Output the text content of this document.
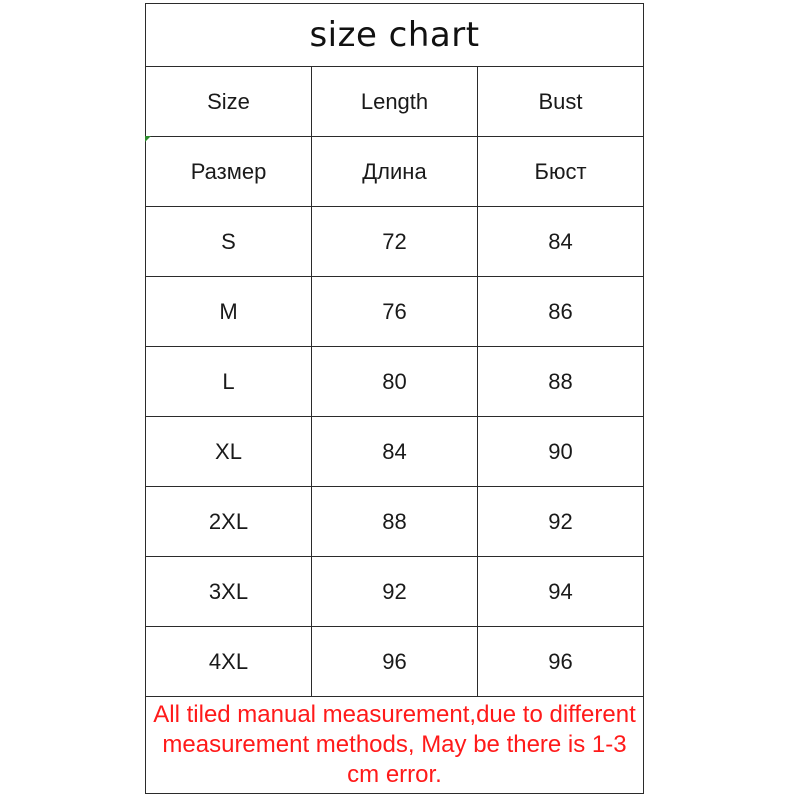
size chart		
Size	Length	Bust
Размер	Длина	Бюст
S	72	84
M	76	86
L	80	88
XL	84	90
2XL	88	92
3XL	92	94
4XL	96	96
All tiled manual measurement,due to different measurement methods, May be there is 1-3 cm error.		
